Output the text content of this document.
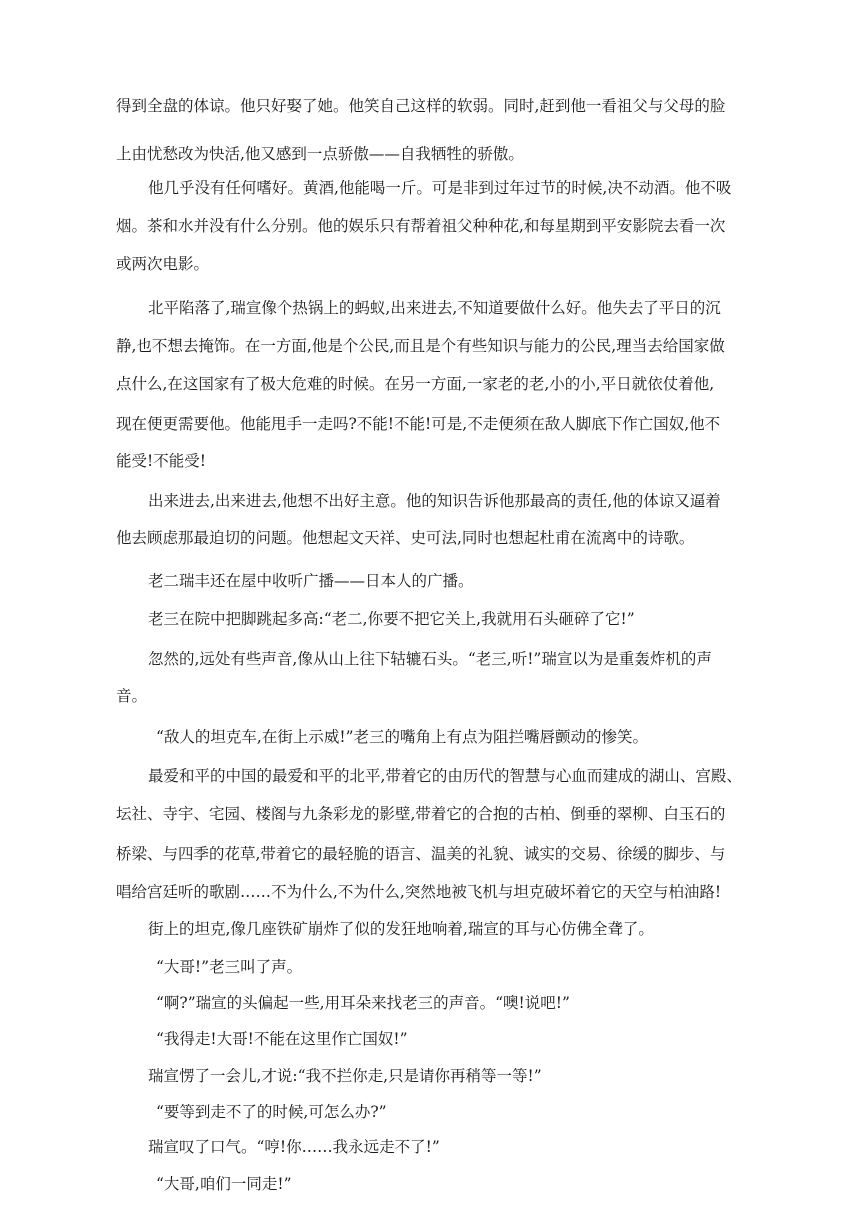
得到全盘的体谅。他只好娶了她。他笑自己这样的软弱。同时,赶到他一看祖父与父母的脸
上由忧愁改为快活,他又感到一点骄傲——自我牺牲的骄傲。
他几乎没有任何嗜好。黄酒,他能喝一斤。可是非到过年过节的时候,决不动酒。他不吸
烟。茶和水并没有什么分别。他的娱乐只有帮着祖父种种花,和每星期到平安影院去看一次
或两次电影。
北平陷落了,瑞宣像个热锅上的蚂蚁,出来进去,不知道要做什么好。他失去了平日的沉
静,也不想去掩饰。在一方面,他是个公民,而且是个有些知识与能力的公民,理当去给国家做
点什么,在这国家有了极大危难的时候。在另一方面,一家老的老,小的小,平日就依仗着他,
现在便更需要他。他能甩手一走吗?不能!不能!可是,不走便须在敌人脚底下作亡国奴,他不
能受!不能受!
出来进去,出来进去,他想不出好主意。他的知识告诉他那最高的责任,他的体谅又逼着
他去顾虑那最迫切的问题。他想起文天祥、史可法,同时也想起杜甫在流离中的诗歌。
老二瑞丰还在屋中收听广播——日本人的广播。
老三在院中把脚跳起多高:“老二,你要不把它关上,我就用石头砸碎了它!”
忽然的,远处有些声音,像从山上往下轱辘石头。“老三,听!”瑞宣以为是重轰炸机的声
音。
“敌人的坦克车,在街上示威!”老三的嘴角上有点为阻拦嘴唇颤动的惨笑。
最爱和平的中国的最爱和平的北平,带着它的由历代的智慧与心血而建成的湖山、宫殿、
坛社、寺宇、宅园、楼阁与九条彩龙的影壁,带着它的合抱的古柏、倒垂的翠柳、白玉石的
桥梁、与四季的花草,带着它的最轻脆的语言、温美的礼貌、诚实的交易、徐缓的脚步、与
唱给宫廷听的歌剧……不为什么,不为什么,突然地被飞机与坦克破坏着它的天空与柏油路!
街上的坦克,像几座铁矿崩炸了似的发狂地响着,瑞宣的耳与心仿佛全聋了。
“大哥!”老三叫了声。
“啊?”瑞宣的头偏起一些,用耳朵来找老三的声音。“噢!说吧!”
“我得走!大哥!不能在这里作亡国奴!”
瑞宣愣了一会儿,才说:“我不拦你走,只是请你再稍等一等!”
“要等到走不了的时候,可怎么办?”
瑞宣叹了口气。“哼!你……我永远走不了!”
“大哥,咱们一同走!”
